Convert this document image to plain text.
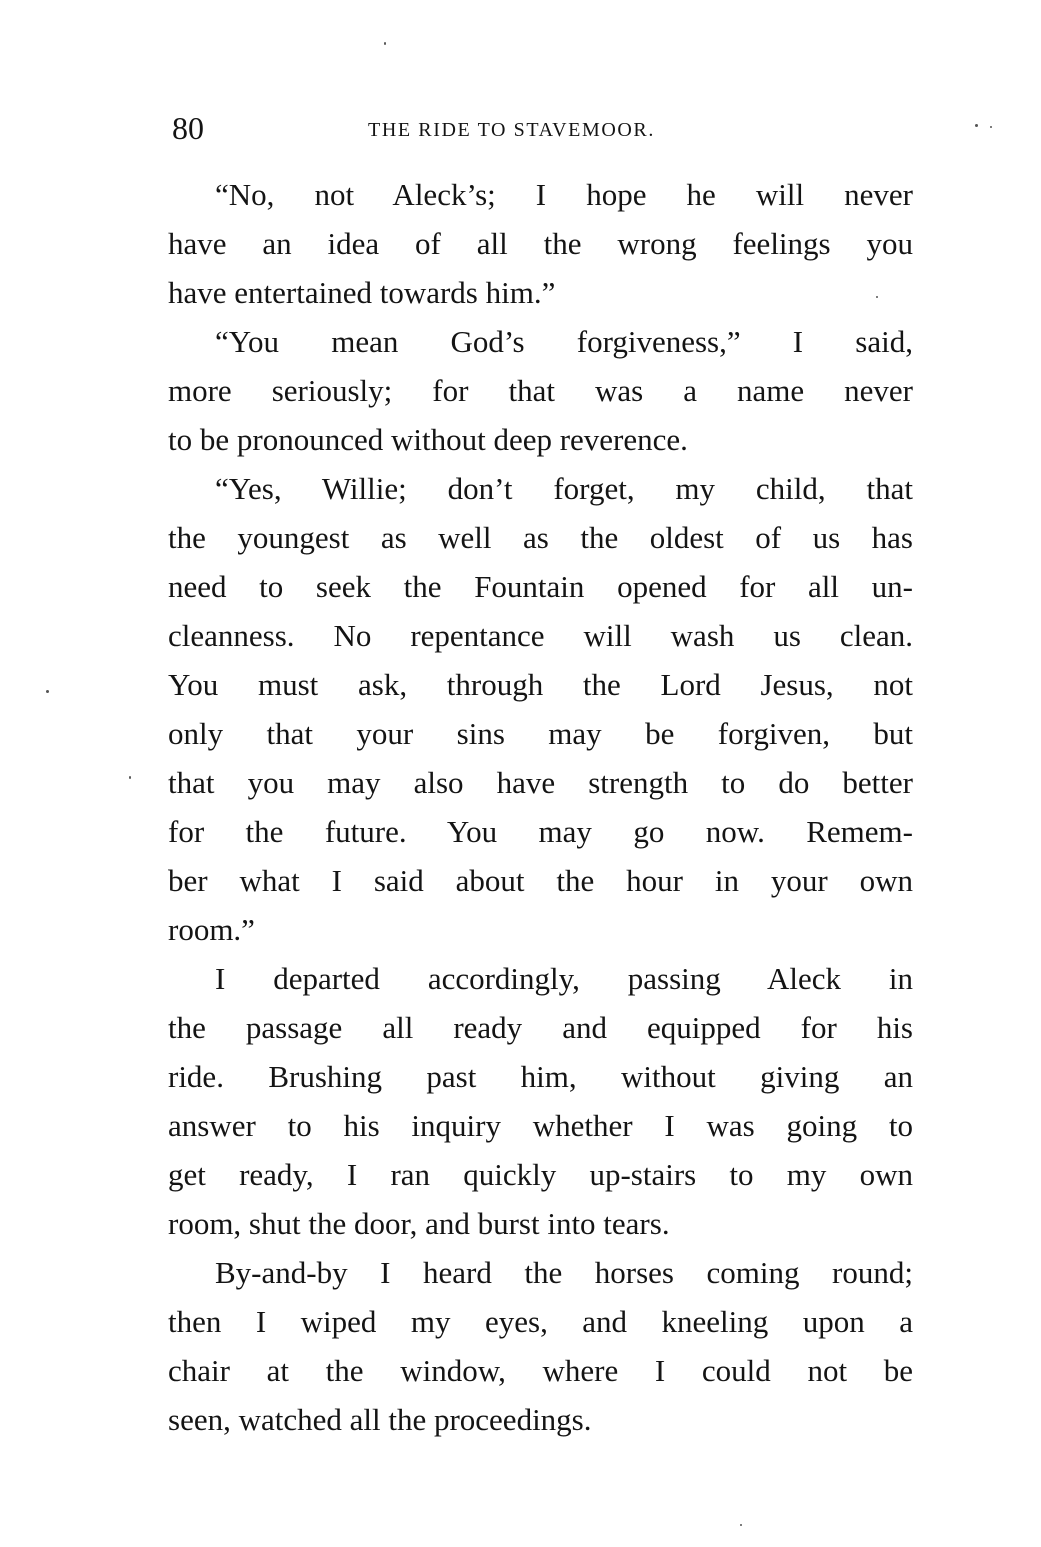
80	THE RIDE TO STAVEMOOR.

“No, not Aleck’s; I hope he will never
have an idea of all the wrong feelings you
have entertained towards him.”

“You mean God’s forgiveness,” I said,
more seriously; for that was a name never
to be pronounced without deep reverence.

“Yes, Willie; don’t forget, my child, that
the youngest as well as the oldest of us has
need to seek the Fountain opened for all un-
cleanness. No repentance will wash us clean.
You must ask, through the Lord Jesus, not
only that your sins may be forgiven, but
that you may also have strength to do better
for the future. You may go now. Remem-
ber what I said about the hour in your own
room.”

I departed accordingly, passing Aleck in
the passage all ready and equipped for his
ride. Brushing past him, without giving an
answer to his inquiry whether I was going to
get ready, I ran quickly up-stairs to my own
room, shut the door, and burst into tears.

By-and-by I heard the horses coming round;
then I wiped my eyes, and kneeling upon a
chair at the window, where I could not be
seen, watched all the proceedings.
